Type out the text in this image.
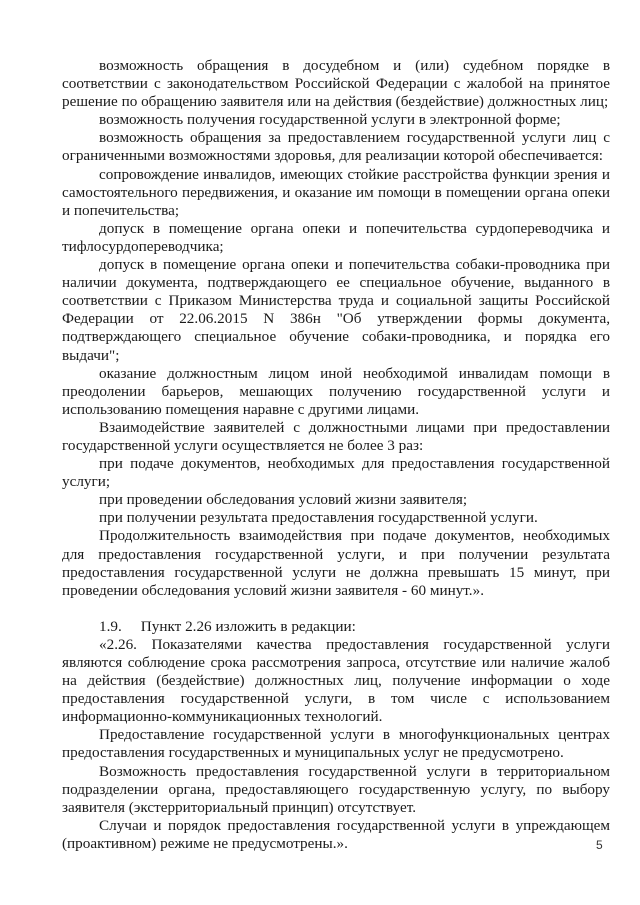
возможность обращения в досудебном и (или) судебном порядке в соответствии с законодательством Российской Федерации с жалобой на принятое решение по обращению заявителя или на действия (бездействие) должностных лиц;

возможность получения государственной услуги в электронной форме;

возможность обращения за предоставлением государственной услуги лиц с ограниченными возможностями здоровья, для реализации которой обеспечивается:

сопровождение инвалидов, имеющих стойкие расстройства функции зрения и самостоятельного передвижения, и оказание им помощи в помещении органа опеки и попечительства;

допуск в помещение органа опеки и попечительства сурдопереводчика и тифлосурдопереводчика;

допуск в помещение органа опеки и попечительства собаки-проводника при наличии документа, подтверждающего ее специальное обучение, выданного в соответствии с Приказом Министерства труда и социальной защиты Российской Федерации от 22.06.2015 N 386н "Об утверждении формы документа, подтверждающего специальное обучение собаки-проводника, и порядка его выдачи";

оказание должностным лицом иной необходимой инвалидам помощи в преодолении барьеров, мешающих получению государственной услуги и использованию помещения наравне с другими лицами.

Взаимодействие заявителей с должностными лицами при предоставлении государственной услуги осуществляется не более 3 раз:

при подаче документов, необходимых для предоставления государственной услуги;

при проведении обследования условий жизни заявителя;

при получении результата предоставления государственной услуги.

Продолжительность взаимодействия при подаче документов, необходимых для предоставления государственной услуги, и при получении результата предоставления государственной услуги не должна превышать 15 минут, при проведении обследования условий жизни заявителя - 60 минут.».

1.9.     Пункт 2.26 изложить в редакции:

«2.26. Показателями качества предоставления государственной услуги являются соблюдение срока рассмотрения запроса, отсутствие или наличие жалоб на действия (бездействие) должностных лиц, получение информации о ходе предоставления государственной услуги, в том числе с использованием информационно-коммуникационных технологий.

Предоставление государственной услуги в многофункциональных центрах предоставления государственных и муниципальных услуг не предусмотрено.

Возможность предоставления государственной услуги в территориальном подразделении органа, предоставляющего государственную услугу, по выбору заявителя (экстерриториальный принцип) отсутствует.

Случаи и порядок предоставления государственной услуги в упреждающем (проактивном) режиме не предусмотрены.».	5
